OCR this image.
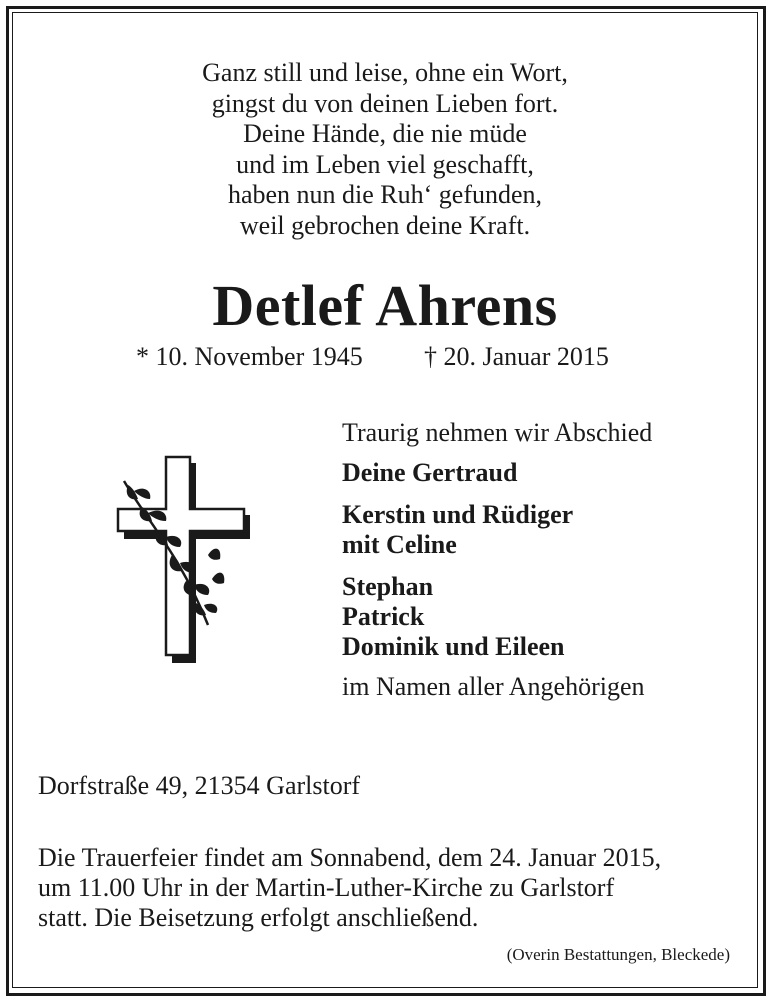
Ganz still und leise, ohne ein Wort,
gingst du von deinen Lieben fort.
Deine Hände, die nie müde
und im Leben viel geschafft,
haben nun die Ruh‘ gefunden,
weil gebrochen deine Kraft.
Detlef Ahrens
* 10. November 1945 † 20. Januar 2015
Traurig nehmen wir Abschied
Deine Gertraud
Kerstin und Rüdiger
mit Celine
Stephan
Patrick
Dominik und Eileen
im Namen aller Angehörigen
Dorfstraße 49, 21354 Garlstorf
Die Trauerfeier findet am Sonnabend, dem 24. Januar 2015,
um 11.00 Uhr in der Martin-Luther-Kirche zu Garlstorf
statt. Die Beisetzung erfolgt anschließend.
(Overin Bestattungen, Bleckede)
